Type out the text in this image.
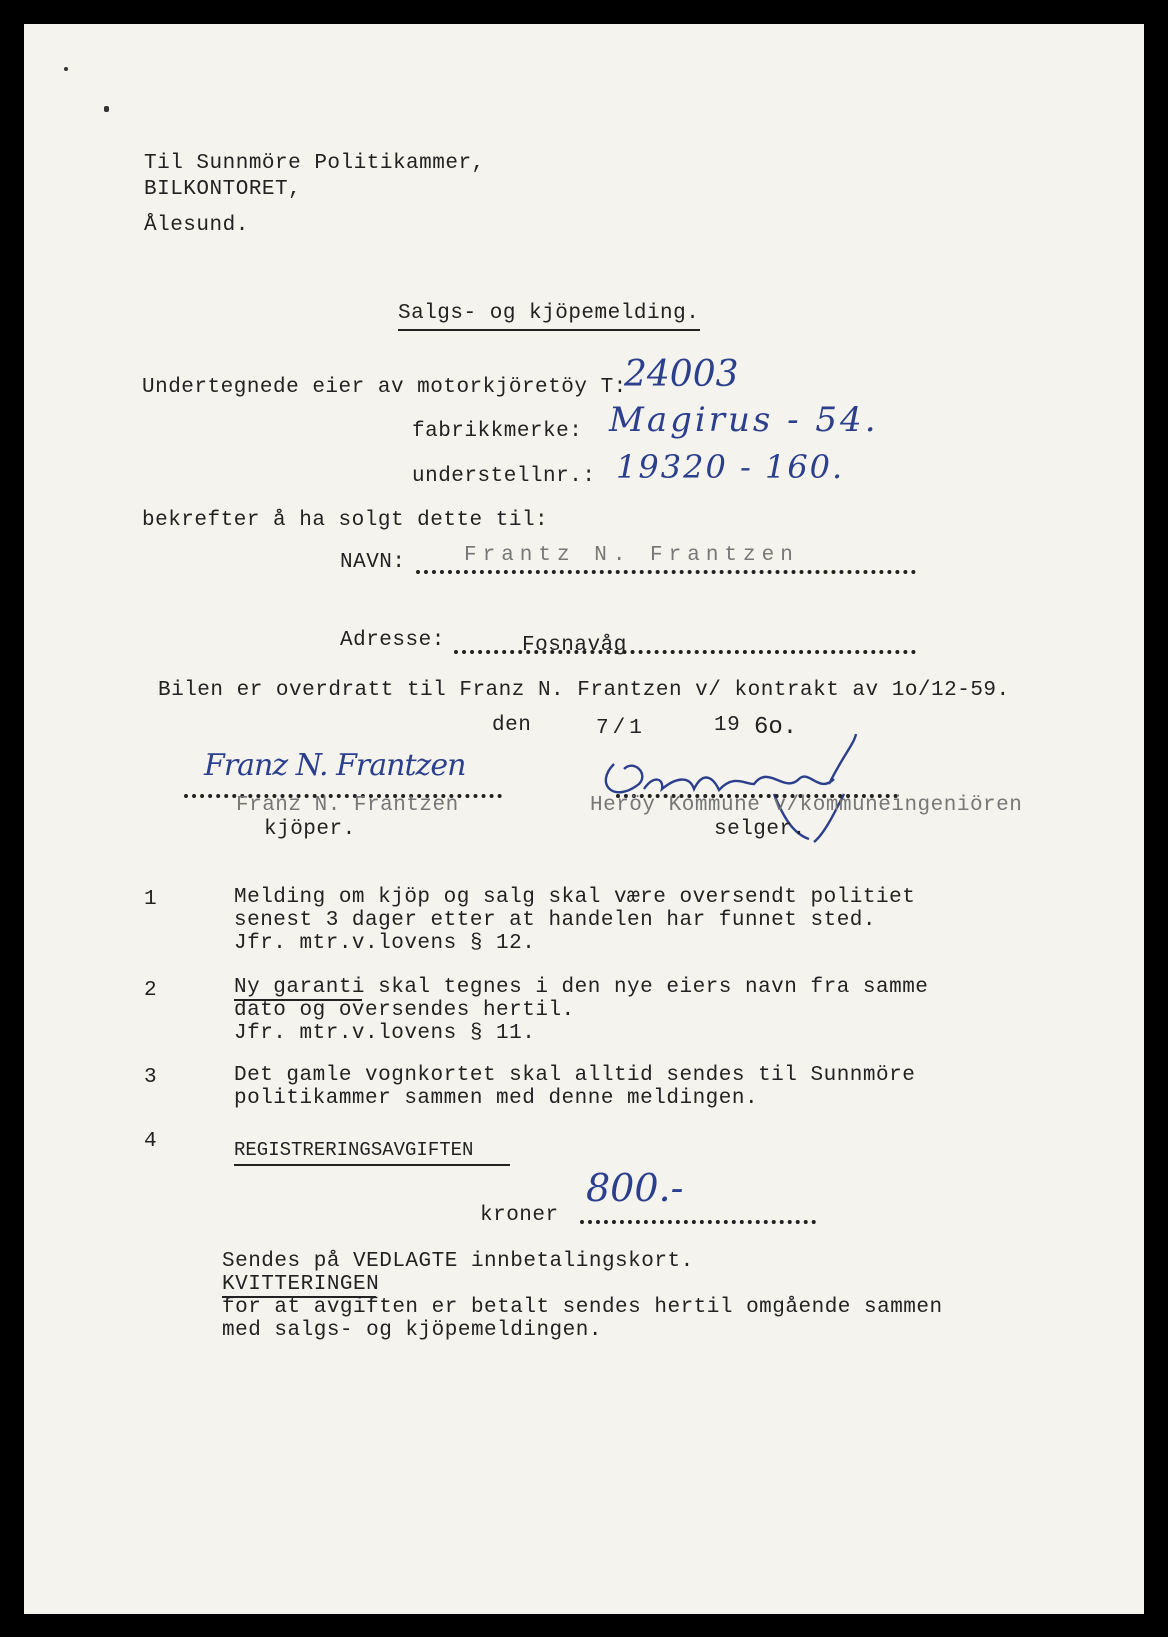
Til Sunnmöre Politikammer,
BILKONTORET,
Ålesund.
Salgs- og kjöpemelding.
Undertegnede eier av motorkjöretöy T:
24003
fabrikkmerke: Magirus - 54.
understellnr.: 19320 - 160.
bekrefter å ha solgt dette til:
NAVN:	Frantz N. Frantzen
Adresse:	Fosnavåg
Bilen er overdratt til Franz N. Frantzen v/ kontrakt av 1o/12-59.
den	7/1	19 6o.
Franz N. Frantzen
Franz N. Frantzen
kjöper.
Heröy Kommune v/kommuneingeniören
selger.
1	Melding om kjöp og salg skal være oversendt politiet
senest 3 dager etter at handelen har funnet sted.
Jfr. mtr.v.lovens § 12.
2	Ny garanti skal tegnes i den nye eiers navn fra samme
dato og oversendes hertil.
Jfr. mtr.v.lovens § 11.
3	Det gamle vognkortet skal alltid sendes til Sunnmöre
politikammer sammen med denne meldingen.
4	REGISTRERINGSAVGIFTEN
kroner
800.-
Sendes på VEDLAGTE innbetalingskort.
KVITTERINGEN
for at avgiften er betalt sendes hertil omgående sammen
med salgs- og kjöpemeldingen.
